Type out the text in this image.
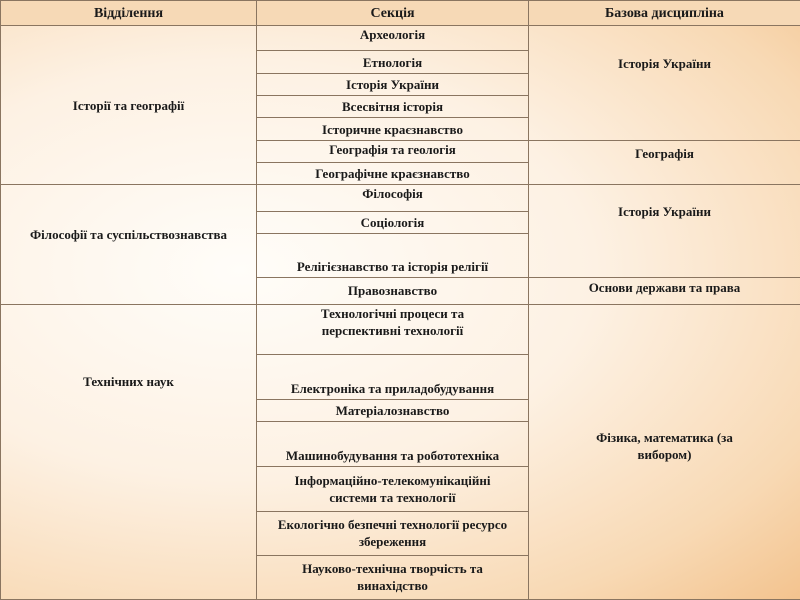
Відділення	Секція	Базова дисципліна
Історії та географії	Археологія	Історія України
	Етнологія	
	Історія України	
	Всесвітня історія	
	Історичне краєзнавство	
	Географія та геологія	Географія
	Географічне краєзнавство	
Філософії та суспільствознавства	Філософія	Історія України
	Соціологія	
	Релігієзнавство та історія релігії	
	Правознавство	Основи держави та права
Технічних наук	Технологічні процеси та перспективні технології	Фізика, математика (за вибором)
	Електроніка та приладобудування	
	Матеріалознавство	
	Машинобудування та робототехніка	
	Інформаційно-телекомунікаційні системи та технології	
	Екологічно безпечні технології ресурсо збереження	
	Науково-технічна творчість та винахідство	
